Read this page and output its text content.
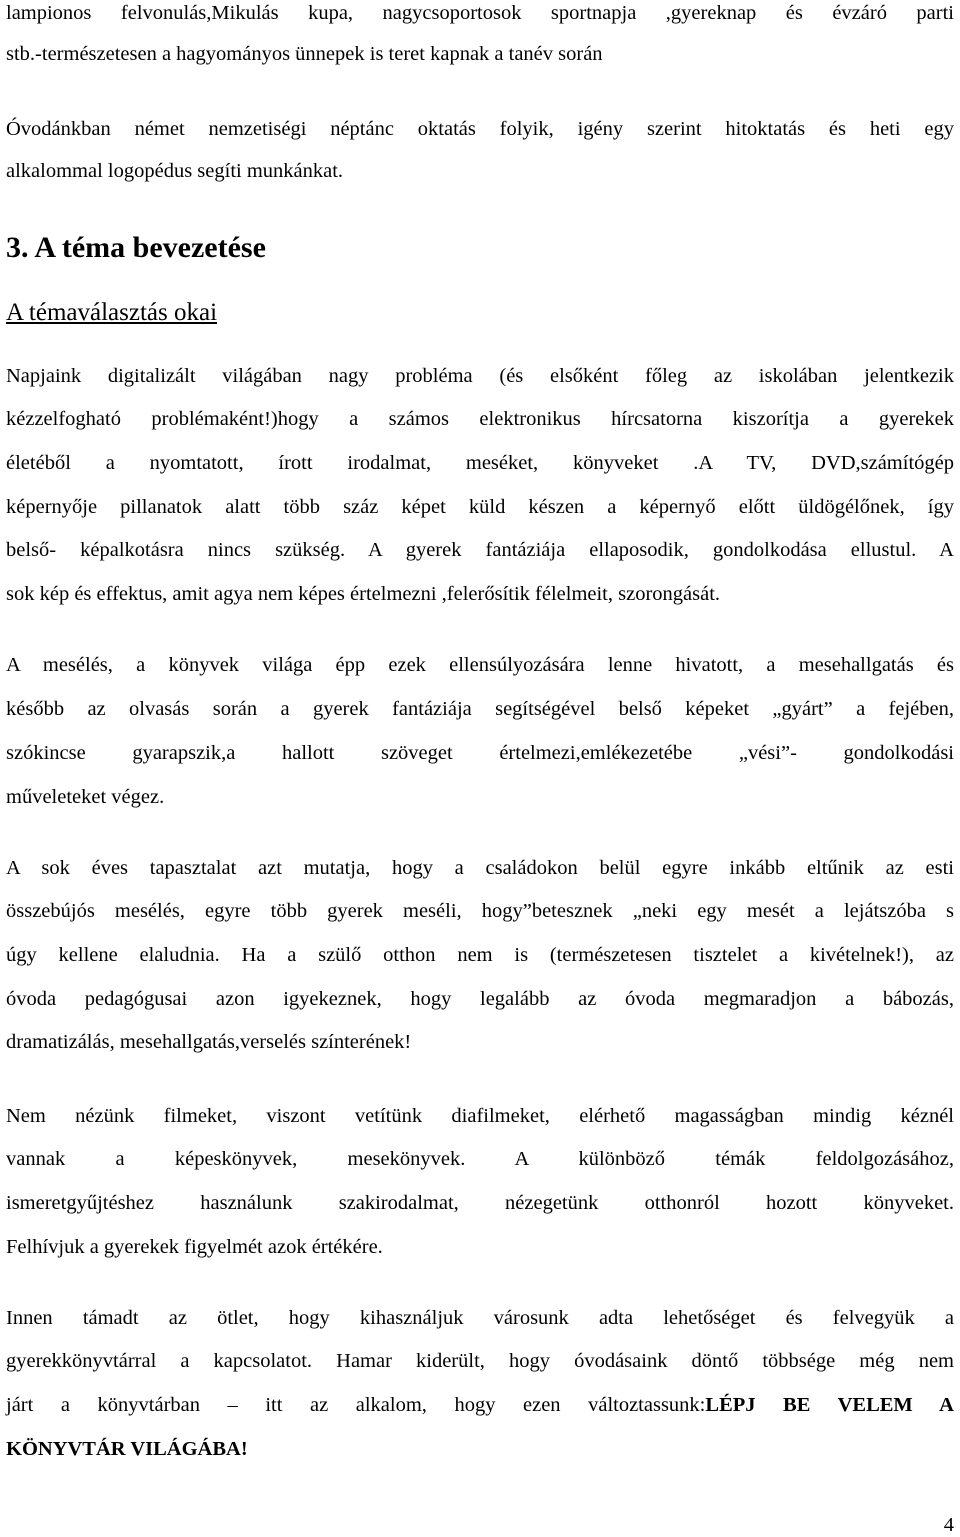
lampionos felvonulás,Mikulás kupa, nagycsoportosok sportnapja ,gyereknap és évzáró parti
stb.-természetesen a hagyományos ünnepek is teret kapnak a tanév során
Óvodánkban német nemzetiségi néptánc oktatás folyik, igény szerint hitoktatás és heti egy
alkalommal logopédus segíti munkánkat.
3. A téma bevezetése
A témaválasztás okai
Napjaink digitalizált világában nagy probléma (és elsőként főleg az iskolában jelentkezik
kézzelfogható problémaként!)hogy a számos elektronikus hírcsatorna kiszorítja a gyerekek
életéből a nyomtatott, írott irodalmat, meséket, könyveket .A TV, DVD,számítógép
képernyője pillanatok alatt több száz képet küld készen a képernyő előtt üldögélőnek, így
belső- képalkotásra nincs szükség. A gyerek fantáziája ellaposodik, gondolkodása ellustul. A
sok kép és effektus, amit agya nem képes értelmezni ,felerősítik félelmeit, szorongását.
A mesélés, a könyvek világa épp ezek ellensúlyozására lenne hivatott, a mesehallgatás és
később az olvasás során a gyerek fantáziája segítségével belső képeket „gyárt” a fejében,
szókincse gyarapszik,a hallott szöveget értelmezi,emlékezetébe „vési”- gondolkodási
műveleteket végez.
A sok éves tapasztalat azt mutatja, hogy a családokon belül egyre inkább eltűnik az esti
összebújós mesélés, egyre több gyerek meséli, hogy”betesznek „neki egy mesét a lejátszóba s
úgy kellene elaludnia. Ha a szülő otthon nem is (természetesen tisztelet a kivételnek!), az
óvoda pedagógusai azon igyekeznek, hogy legalább az óvoda megmaradjon a bábozás,
dramatizálás, mesehallgatás,verselés színterének!
Nem nézünk filmeket, viszont vetítünk diafilmeket, elérhető magasságban mindig kéznél
vannak a képeskönyvek, mesekönyvek. A különböző témák feldolgozásához,
ismeretgyűjtéshez használunk szakirodalmat, nézegetünk otthonról hozott könyveket.
Felhívjuk a gyerekek figyelmét azok értékére.
Innen támadt az ötlet, hogy kihasználjuk városunk adta lehetőséget és felvegyük a
gyerekkönyvtárral a kapcsolatot. Hamar kiderült, hogy óvodásaink döntő többsége még nem
járt a könyvtárban – itt az alkalom, hogy ezen változtassunk:LÉPJ BE VELEM A
KÖNYVTÁR VILÁGÁBA!
4
